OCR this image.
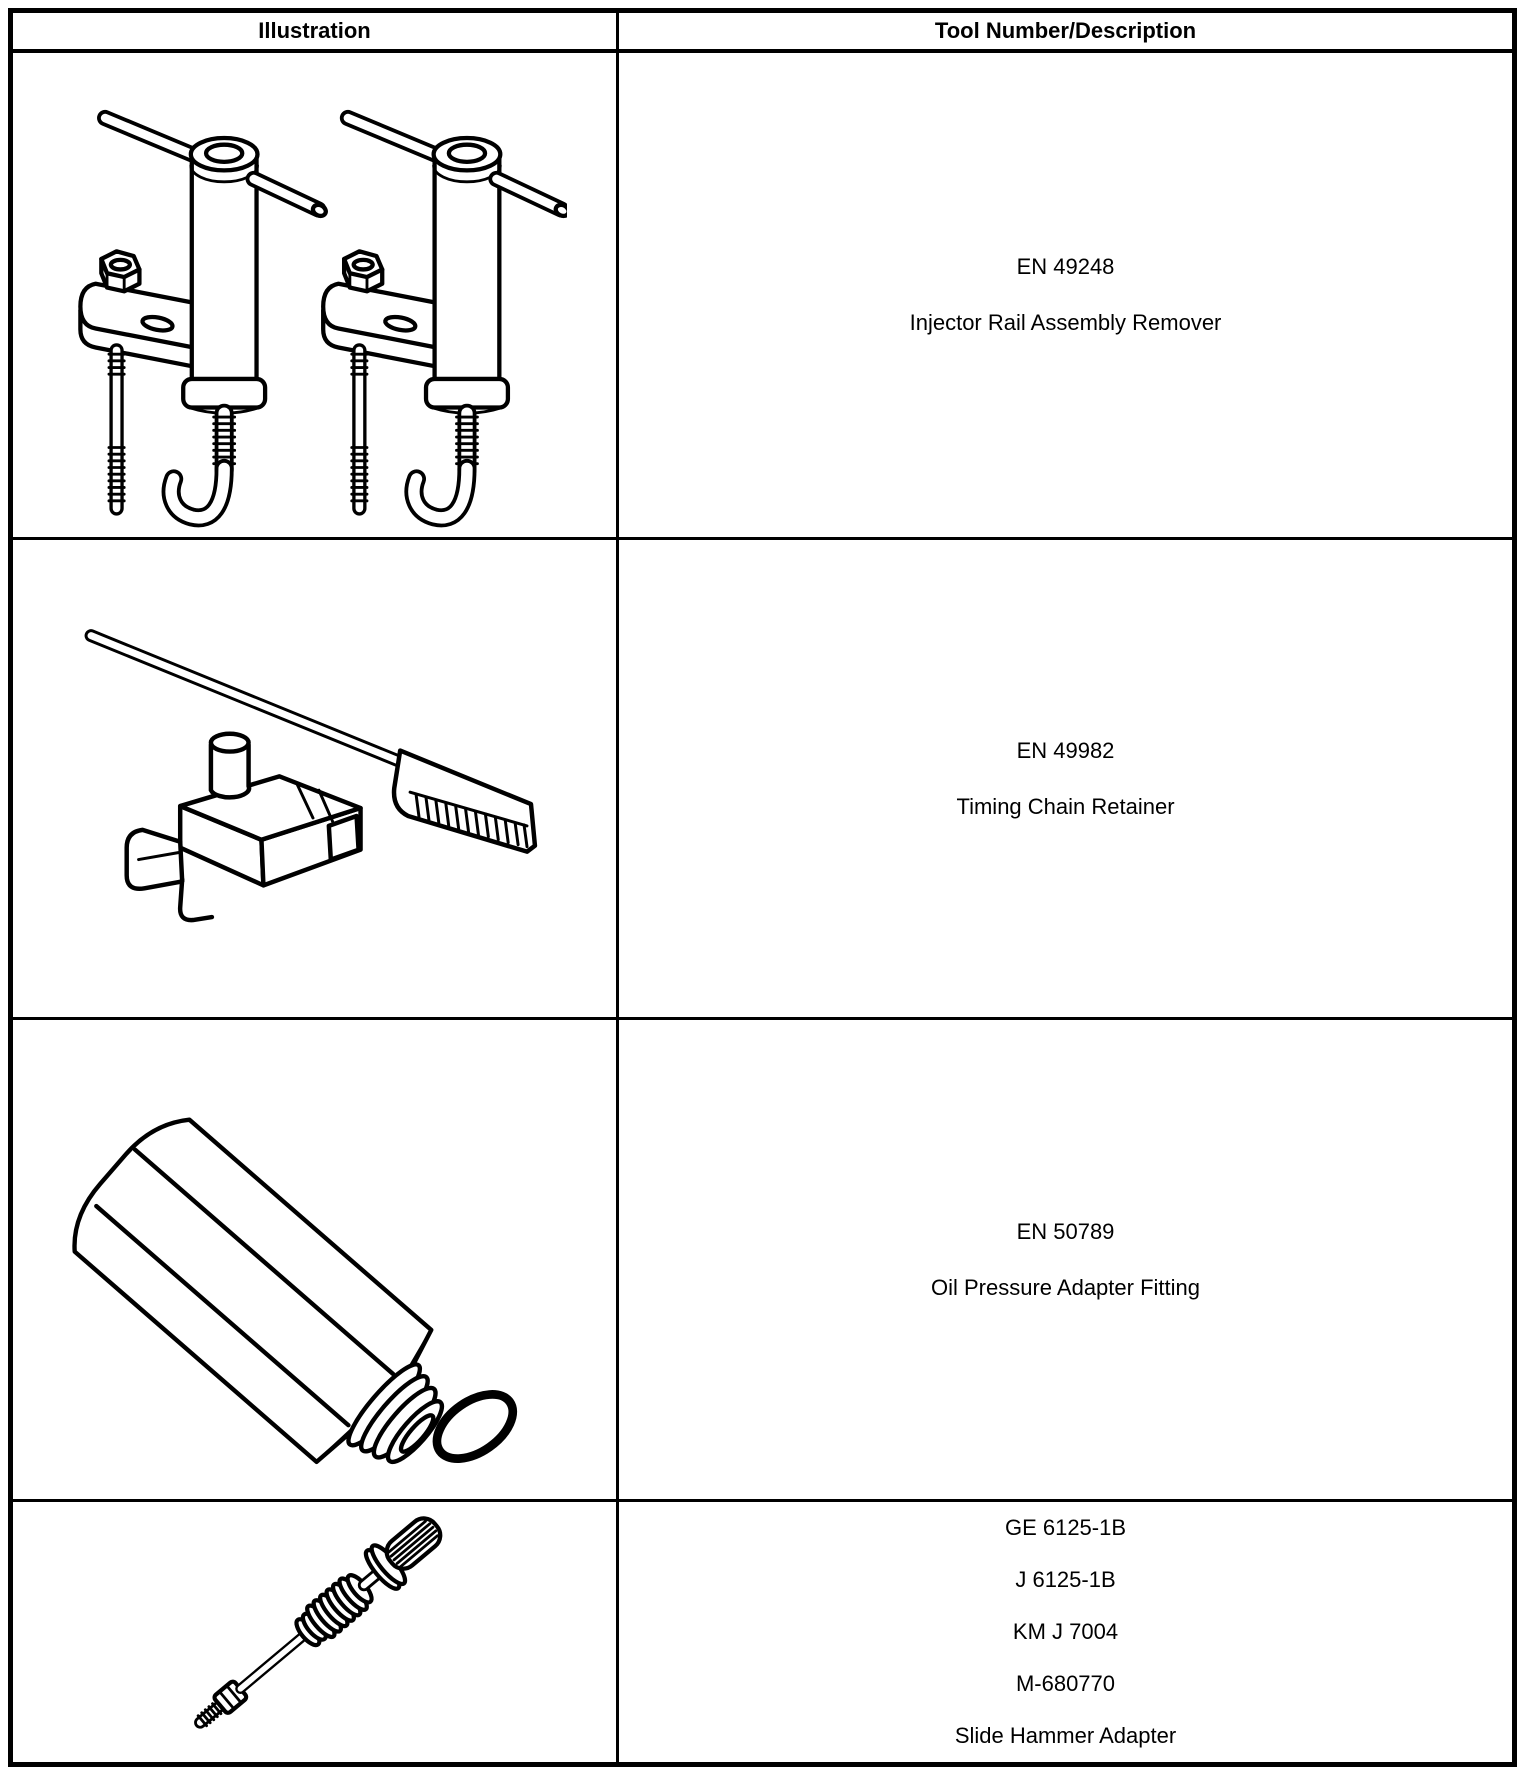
Illustration	Tool Number/Description

EN 49248
Injector Rail Assembly Remover

EN 49982
Timing Chain Retainer

EN 50789
Oil Pressure Adapter Fitting

GE 6125-1B
J 6125-1B
KM J 7004
M-680770
Slide Hammer Adapter
